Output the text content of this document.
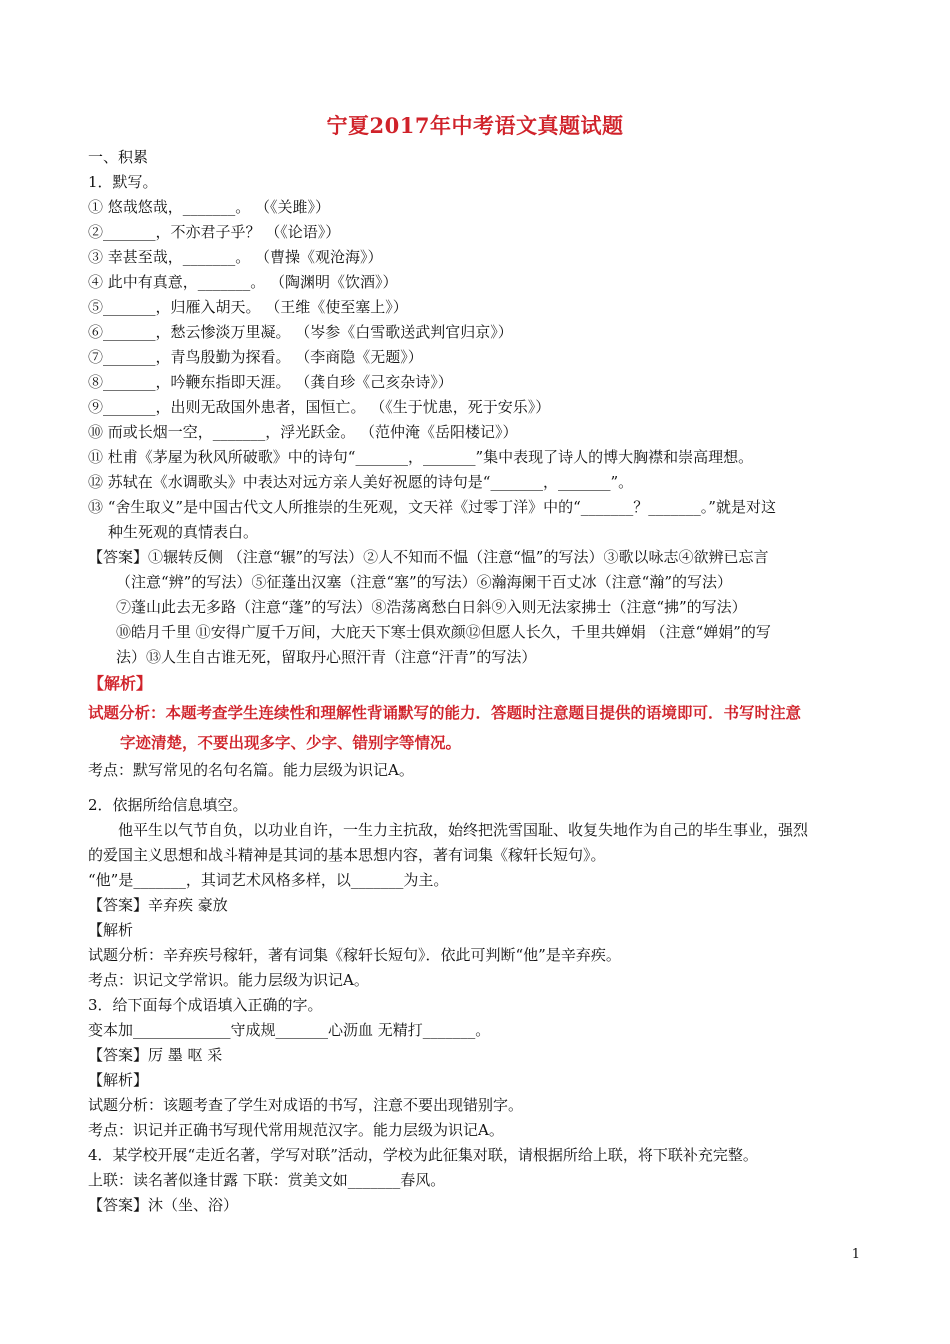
宁夏2017年中考语文真题试题
一、积累
1．默写。
① 悠哉悠哉，_______。 （《关雎》）
②_______，不亦君子乎？ （《论语》）
③ 幸甚至哉，_______。 （曹操《观沧海》）
④ 此中有真意，_______。 （陶渊明《饮酒》）
⑤_______，归雁入胡天。 （王维《使至塞上》）
⑥_______，愁云惨淡万里凝。 （岑参《白雪歌送武判官归京》）
⑦_______，青鸟殷勤为探看。 （李商隐《无题》）
⑧_______，吟鞭东指即天涯。 （龚自珍《己亥杂诗》）
⑨_______，出则无敌国外患者，国恒亡。 （《生于忧患，死于安乐》）
⑩ 而或长烟一空，_______，浮光跃金。 （范仲淹《岳阳楼记》）
⑪ 杜甫《茅屋为秋风所破歌》中的诗句“_______，_______”集中表现了诗人的博大胸襟和崇高理想。
⑫ 苏轼在《水调歌头》中表达对远方亲人美好祝愿的诗句是“_______，_______”。
⑬ “舍生取义”是中国古代文人所推崇的生死观，文天祥《过零丁洋》中的“_______？_______。”就是对这
种生死观的真情表白。
【答案】①辗转反侧 （注意“辗”的写法）②人不知而不愠（注意“愠”的写法）③歌以咏志④欲辨已忘言
（注意“辨”的写法）⑤征蓬出汉塞（注意“塞”的写法）⑥瀚海阑干百丈冰（注意“瀚”的写法）
⑦蓬山此去无多路（注意“蓬”的写法）⑧浩荡离愁白日斜⑨入则无法家拂士（注意“拂”的写法）
⑩皓月千里 ⑪安得广厦千万间，大庇天下寒士俱欢颜⑫但愿人长久，千里共婵娟 （注意“婵娟”的写
法）⑬人生自古谁无死，留取丹心照汗青（注意“汗青”的写法）
【解析】
试题分析：本题考查学生连续性和理解性背诵默写的能力．答题时注意题目提供的语境即可．书写时注意
字迹清楚，不要出现多字、少字、错别字等情况。
考点：默写常见的名句名篇。能力层级为识记A。
2．依据所给信息填空。
他平生以气节自负，以功业自许，一生力主抗敌，始终把洗雪国耻、收复失地作为自己的毕生事业，强烈
的爱国主义思想和战斗精神是其词的基本思想内容，著有词集《稼轩长短句》。
“他”是_______，其词艺术风格多样，以_______为主。
【答案】辛弃疾 豪放
【解析
试题分析：辛弃疾号稼轩，著有词集《稼轩长短句》．依此可判断“他”是辛弃疾。
考点：识记文学常识。能力层级为识记A。
3．给下面每个成语填入正确的字。
变本加_____________守成规_______心沥血 无精打_______。
【答案】厉 墨 呕 采
【解析】
试题分析：该题考查了学生对成语的书写，注意不要出现错别字。
考点：识记并正确书写现代常用规范汉字。能力层级为识记A。
4．某学校开展“走近名著，学写对联”活动，学校为此征集对联，请根据所给上联，将下联补充完整。
上联：读名著似逢甘露 下联：赏美文如_______春风。
【答案】沐（坐、浴）
1
